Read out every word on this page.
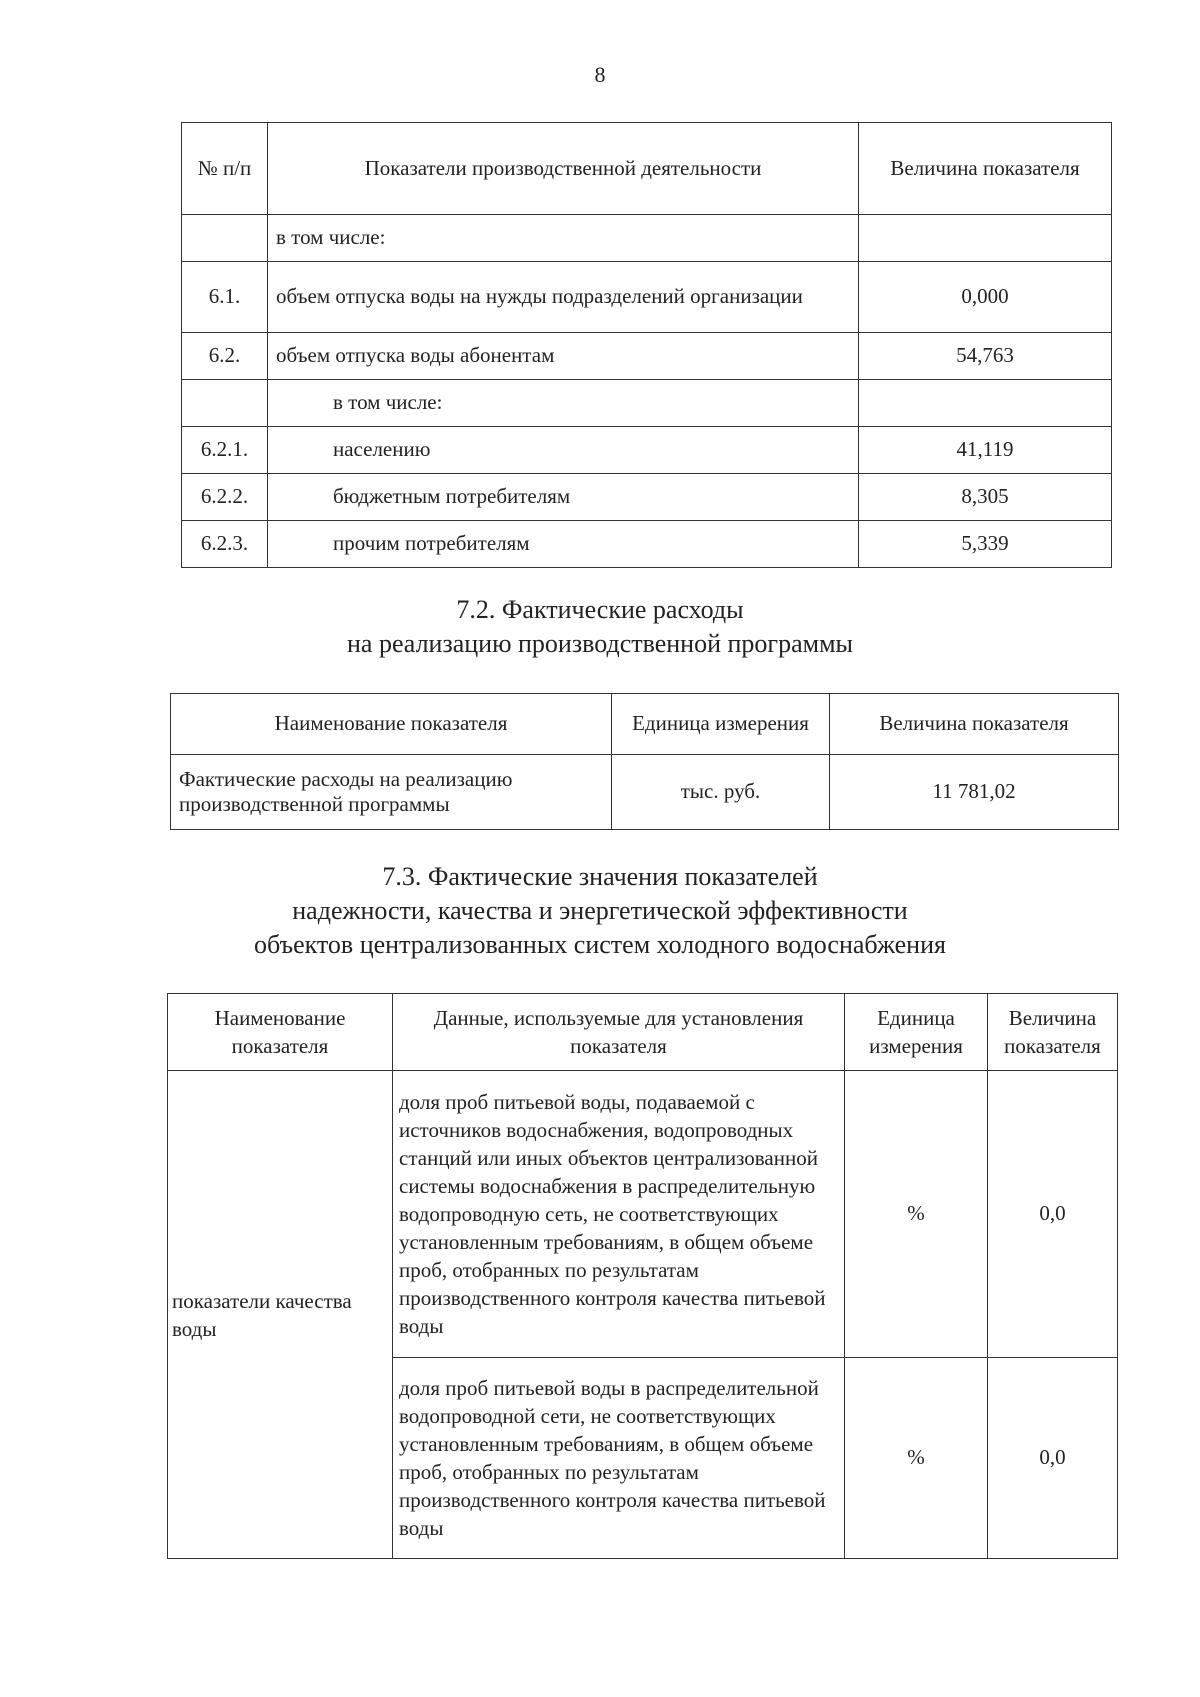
8
№ п/п	Показатели производственной деятельности	Величина показателя
	в том числе:	
6.1.	объем отпуска воды на нужды подразделений организации	0,000
6.2.	объем отпуска воды абонентам	54,763
	в том числе:	
6.2.1.	населению	41,119
6.2.2.	бюджетным потребителям	8,305
6.2.3.	прочим потребителям	5,339
7.2. Фактические расходы
на реализацию производственной программы
Наименование показателя	Единица измерения	Величина показателя
Фактические расходы на реализацию производственной программы	тыс. руб.	11 781,02
7.3. Фактические значения показателей
надежности, качества и энергетической эффективности
объектов централизованных систем холодного водоснабжения
Наименование показателя	Данные, используемые для установления показателя	Единица измерения	Величина показателя
показатели качества воды	доля проб питьевой воды, подаваемой с источников водоснабжения, водопроводных станций или иных объектов централизованной системы водоснабжения в распределительную водопроводную сеть, не соответствующих установленным требованиям, в общем объеме проб, отобранных по результатам производственного контроля качества питьевой воды	%	0,0
	доля проб питьевой воды в распределительной водопроводной сети, не соответствующих установленным требованиям, в общем объеме проб, отобранных по результатам производственного контроля качества питьевой воды	%	0,0
